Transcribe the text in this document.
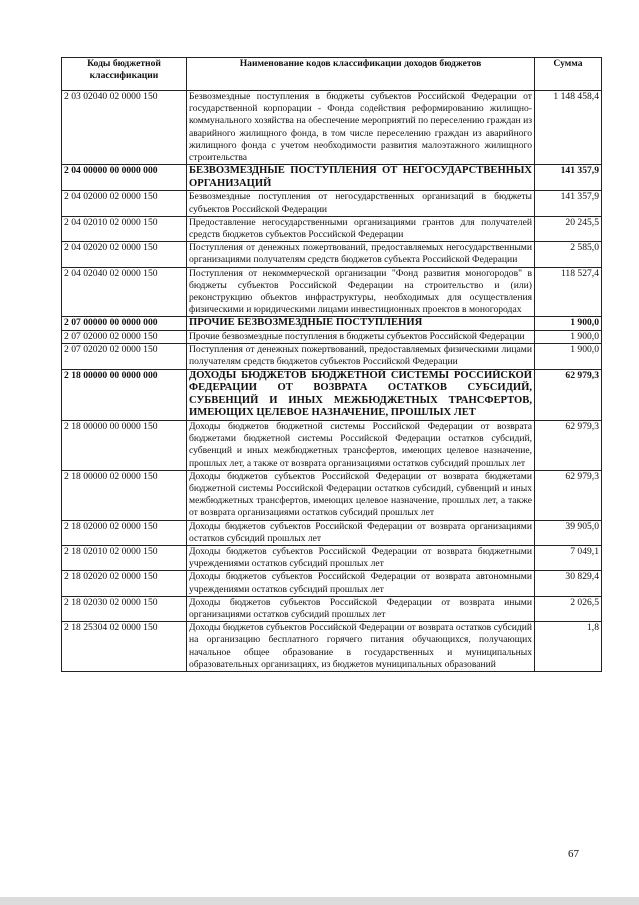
Коды бюджетной классификации	Наименование кодов классификации доходов бюджетов	Сумма
2 03 02040 02 0000 150	Безвозмездные поступления в бюджеты субъектов Российской Федерации от государственной корпорации - Фонда содействия реформированию жилищно-коммунального хозяйства на обеспечение мероприятий по переселению граждан из аварийного жилищного фонда, в том числе переселению граждан из аварийного жилищного фонда с учетом необходимости развития малоэтажного жилищного строительства	1 148 458,4
2 04 00000 00 0000 000	БЕЗВОЗМЕЗДНЫЕ ПОСТУПЛЕНИЯ ОТ НЕГОСУДАРСТВЕННЫХ ОРГАНИЗАЦИЙ	141 357,9
2 04 02000 02 0000 150	Безвозмездные поступления от негосударственных организаций в бюджеты субъектов Российской Федерации	141 357,9
2 04 02010 02 0000 150	Предоставление негосударственными организациями грантов для получателей средств бюджетов субъектов Российской Федерации	20 245,5
2 04 02020 02 0000 150	Поступления от денежных пожертвований, предоставляемых негосударственными организациями получателям средств бюджетов субъекта Российской Федерации	2 585,0
2 04 02040 02 0000 150	Поступления от некоммерческой организации "Фонд развития моногородов" в бюджеты субъектов Российской Федерации на строительство и (или) реконструкцию объектов инфраструктуры, необходимых для осуществления физическими и юридическими лицами инвестиционных проектов в моногородах	118 527,4
2 07 00000 00 0000 000	ПРОЧИЕ БЕЗВОЗМЕЗДНЫЕ ПОСТУПЛЕНИЯ	1 900,0
2 07 02000 02 0000 150	Прочие безвозмездные поступления в бюджеты субъектов Российской Федерации	1 900,0
2 07 02020 02 0000 150	Поступления от денежных пожертвований, предоставляемых физическими лицами получателям средств бюджетов субъектов Российской Федерации	1 900,0
2 18 00000 00 0000 000	ДОХОДЫ БЮДЖЕТОВ БЮДЖЕТНОЙ СИСТЕМЫ РОССИЙСКОЙ ФЕДЕРАЦИИ ОТ ВОЗВРАТА ОСТАТКОВ СУБСИДИЙ, СУБВЕНЦИЙ И ИНЫХ МЕЖБЮДЖЕТНЫХ ТРАНСФЕРТОВ, ИМЕЮЩИХ ЦЕЛЕВОЕ НАЗНАЧЕНИЕ, ПРОШЛЫХ ЛЕТ	62 979,3
2 18 00000 00 0000 150	Доходы бюджетов бюджетной системы Российской Федерации от возврата бюджетами бюджетной системы Российской Федерации остатков субсидий, субвенций и иных межбюджетных трансфертов, имеющих целевое назначение, прошлых лет, а также от возврата организациями остатков субсидий прошлых лет	62 979,3
2 18 00000 02 0000 150	Доходы бюджетов субъектов Российской Федерации от возврата бюджетами бюджетной системы Российской Федерации остатков субсидий, субвенций и иных межбюджетных трансфертов, имеющих целевое назначение, прошлых лет, а также от возврата организациями остатков субсидий прошлых лет	62 979,3
2 18 02000 02 0000 150	Доходы бюджетов субъектов Российской Федерации от возврата организациями остатков субсидий прошлых лет	39 905,0
2 18 02010 02 0000 150	Доходы бюджетов субъектов Российской Федерации от возврата бюджетными учреждениями остатков субсидий прошлых лет	7 049,1
2 18 02020 02 0000 150	Доходы бюджетов субъектов Российской Федерации от возврата автономными учреждениями остатков субсидий прошлых лет	30 829,4
2 18 02030 02 0000 150	Доходы бюджетов субъектов Российской Федерации от возврата иными организациями остатков субсидий прошлых лет	2 026,5
2 18 25304 02 0000 150	Доходы бюджетов субъектов Российской Федерации от возврата остатков субсидий на организацию бесплатного горячего питания обучающихся, получающих начальное общее образование в государственных и муниципальных образовательных организациях, из бюджетов муниципальных образований	1,8
67
